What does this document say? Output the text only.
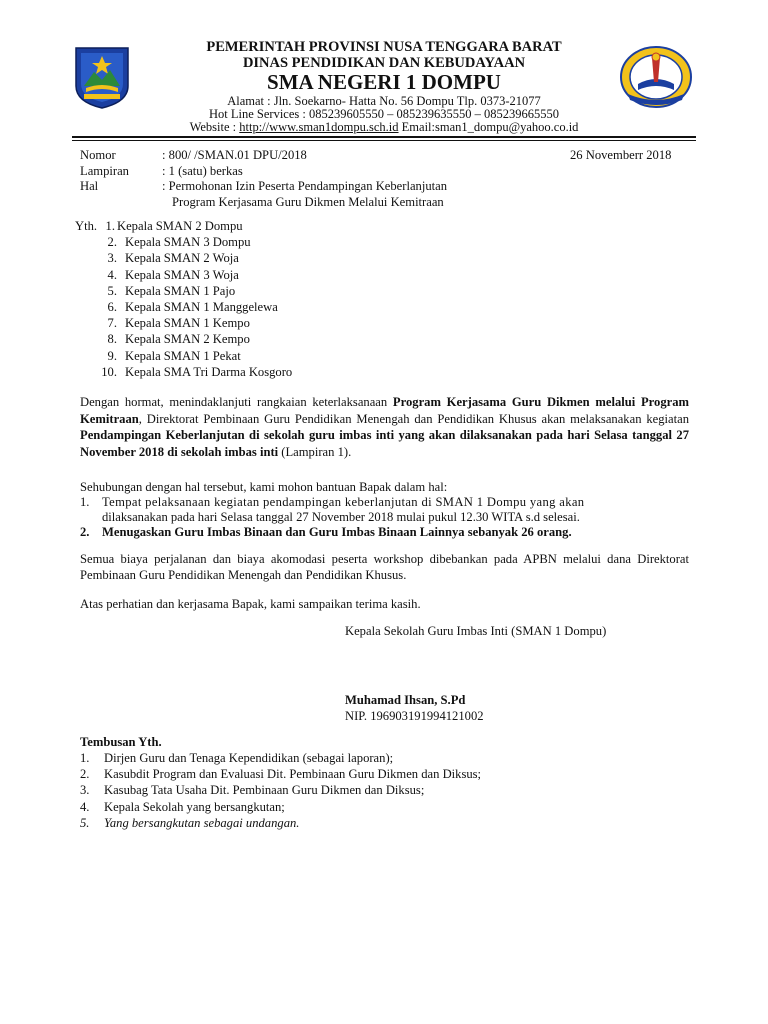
PEMERINTAH PROVINSI NUSA TENGGARA BARAT
DINAS PENDIDIKAN DAN KEBUDAYAAN
SMA NEGERI 1 DOMPU
Alamat : Jln. Soekarno- Hatta No. 56 Dompu Tlp. 0373-21077
Hot Line Services : 085239605550 – 085239635550 – 085239665550
Website : http://www.sman1dompu.sch.id Email:sman1_dompu@yahoo.co.id
Nomor	: 800/ /SMAN.01 DPU/2018	26 Novemberr 2018
Lampiran	: 1 (satu) berkas
Hal	: Permohonan Izin Peserta Pendampingan Keberlanjutan
Program Kerjasama Guru Dikmen Melalui Kemitraan
Yth. 1. Kepala SMAN 2 Dompu
2. Kepala SMAN 3 Dompu
3. Kepala SMAN 2 Woja
4. Kepala SMAN 3 Woja
5. Kepala SMAN 1 Pajo
6. Kepala SMAN 1 Manggelewa
7. Kepala SMAN 1 Kempo
8. Kepala SMAN 2 Kempo
9. Kepala SMAN 1 Pekat
10. Kepala SMA Tri Darma Kosgoro
Dengan hormat, menindaklanjuti rangkaian keterlaksanaan Program Kerjasama Guru Dikmen melalui Program Kemitraan, Direktorat Pembinaan Guru Pendidikan Menengah dan Pendidikan Khusus akan melaksanakan kegiatan Pendampingan Keberlanjutan di sekolah guru imbas inti yang akan dilaksanakan pada hari Selasa tanggal 27 November 2018 di sekolah imbas inti (Lampiran 1).
Sehubungan dengan hal tersebut, kami mohon bantuan Bapak dalam hal:
1. Tempat pelaksanaan kegiatan pendampingan keberlanjutan di SMAN 1 Dompu yang akan
dilaksanakan pada hari Selasa tanggal 27 November 2018 mulai pukul 12.30 WITA s.d selesai.
2. Menugaskan Guru Imbas Binaan dan Guru Imbas Binaan Lainnya sebanyak 26 orang.
Semua biaya perjalanan dan biaya akomodasi peserta workshop dibebankan pada APBN melalui dana Direktorat Pembinaan Guru Pendidikan Menengah dan Pendidikan Khusus.
Atas perhatian dan kerjasama Bapak, kami sampaikan terima kasih.
Kepala Sekolah Guru Imbas Inti (SMAN 1 Dompu)
Muhamad Ihsan, S.Pd
NIP. 196903191994121002
Tembusan Yth.
1. Dirjen Guru dan Tenaga Kependidikan (sebagai laporan);
2. Kasubdit Program dan Evaluasi Dit. Pembinaan Guru Dikmen dan Diksus;
3. Kasubag Tata Usaha Dit. Pembinaan Guru Dikmen dan Diksus;
4. Kepala Sekolah yang bersangkutan;
5. Yang bersangkutan sebagai undangan.
